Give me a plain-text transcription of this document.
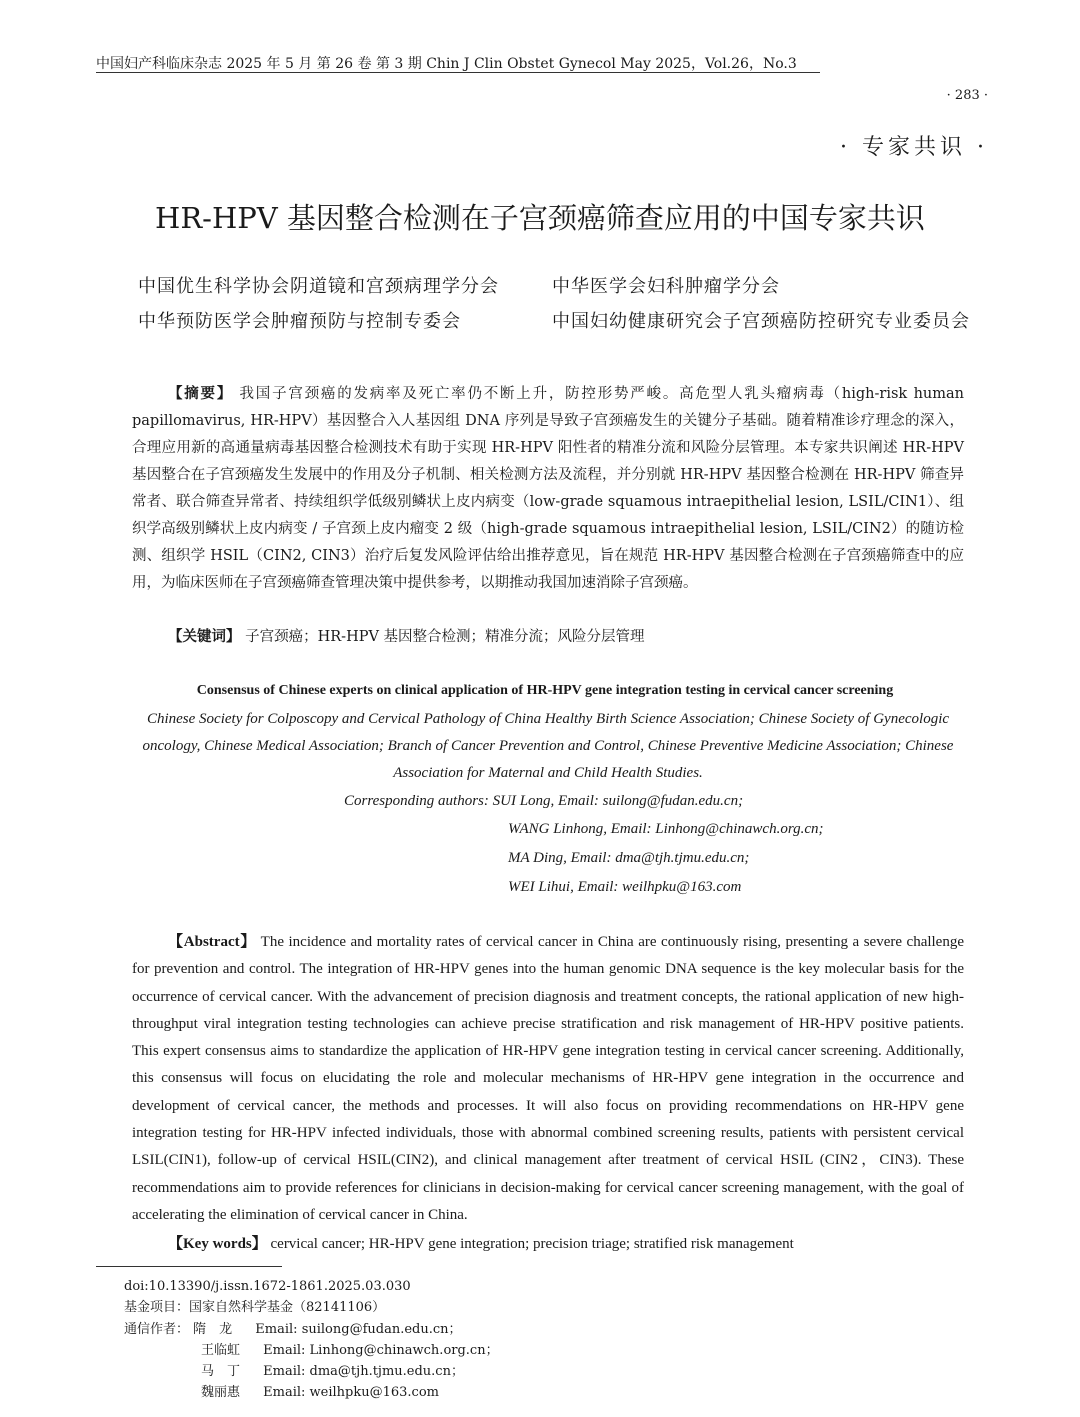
中国妇产科临床杂志 2025 年 5 月 第 26 卷 第 3 期 Chin J Clin Obstet Gynecol May 2025，Vol.26，No.3
· 283 ·
· 专家共识 ·
HR-HPV 基因整合检测在子宫颈癌筛查应用的中国专家共识
中国优生科学协会阴道镜和宫颈病理学分会	中华医学会妇科肿瘤学分会
中华预防医学会肿瘤预防与控制专委会	中国妇幼健康研究会子宫颈癌防控研究专业委员会
【摘要】 我国子宫颈癌的发病率及死亡率仍不断上升，防控形势严峻。高危型人乳头瘤病毒（high-risk human papillomavirus, HR-HPV）基因整合入人基因组 DNA 序列是导致子宫颈癌发生的关键分子基础。随着精准诊疗理念的深入，合理应用新的高通量病毒基因整合检测技术有助于实现 HR-HPV 阳性者的精准分流和风险分层管理。本专家共识阐述 HR-HPV 基因整合在子宫颈癌发生发展中的作用及分子机制、相关检测方法及流程，并分别就 HR-HPV 基因整合检测在 HR-HPV 筛查异常者、联合筛查异常者、持续组织学低级别鳞状上皮内病变（low-grade squamous intraepithelial lesion, LSIL/CIN1）、组织学高级别鳞状上皮内病变 / 子宫颈上皮内瘤变 2 级（high-grade squamous intraepithelial lesion, LSIL/CIN2）的随访检测、组织学 HSIL（CIN2, CIN3）治疗后复发风险评估给出推荐意见，旨在规范 HR-HPV 基因整合检测在子宫颈癌筛查中的应用，为临床医师在子宫颈癌筛查管理决策中提供参考，以期推动我国加速消除子宫颈癌。
【关键词】 子宫颈癌；HR-HPV 基因整合检测；精准分流；风险分层管理
Consensus of Chinese experts on clinical application of HR-HPV gene integration testing in cervical cancer screening
Chinese Society for Colposcopy and Cervical Pathology of China Healthy Birth Science Association; Chinese Society of Gynecologic oncology, Chinese Medical Association; Branch of Cancer Prevention and Control, Chinese Preventive Medicine Association; Chinese Association for Maternal and Child Health Studies.
Corresponding authors: SUI Long, Email: suilong@fudan.edu.cn;
WANG Linhong, Email: Linhong@chinawch.org.cn;
MA Ding, Email: dma@tjh.tjmu.edu.cn;
WEI Lihui, Email: weilhpku@163.com
【Abstract】 The incidence and mortality rates of cervical cancer in China are continuously rising, presenting a severe challenge for prevention and control. The integration of HR-HPV genes into the human genomic DNA sequence is the key molecular basis for the occurrence of cervical cancer. With the advancement of precision diagnosis and treatment concepts, the rational application of new high-throughput viral integration testing technologies can achieve precise stratification and risk management of HR-HPV positive patients. This expert consensus aims to standardize the application of HR-HPV gene integration testing in cervical cancer screening. Additionally, this consensus will focus on elucidating the role and molecular mechanisms of HR-HPV gene integration in the occurrence and development of cervical cancer, the methods and processes. It will also focus on providing recommendations on HR-HPV gene integration testing for HR-HPV infected individuals, those with abnormal combined screening results, patients with persistent cervical LSIL(CIN1), follow-up of cervical HSIL(CIN2), and clinical management after treatment of cervical HSIL (CIN2，CIN3). These recommendations aim to provide references for clinicians in decision-making for cervical cancer screening management, with the goal of accelerating the elimination of cervical cancer in China.
【Key words】 cervical cancer; HR-HPV gene integration; precision triage; stratified risk management
doi:10.13390/j.issn.1672-1861.2025.03.030
基金项目：国家自然科学基金（82141106）
通信作者： 隋　龙 Email: suilong@fudan.edu.cn；
王临虹 Email: Linhong@chinawch.org.cn；
马　丁 Email: dma@tjh.tjmu.edu.cn；
魏丽惠 Email: weilhpku@163.com
